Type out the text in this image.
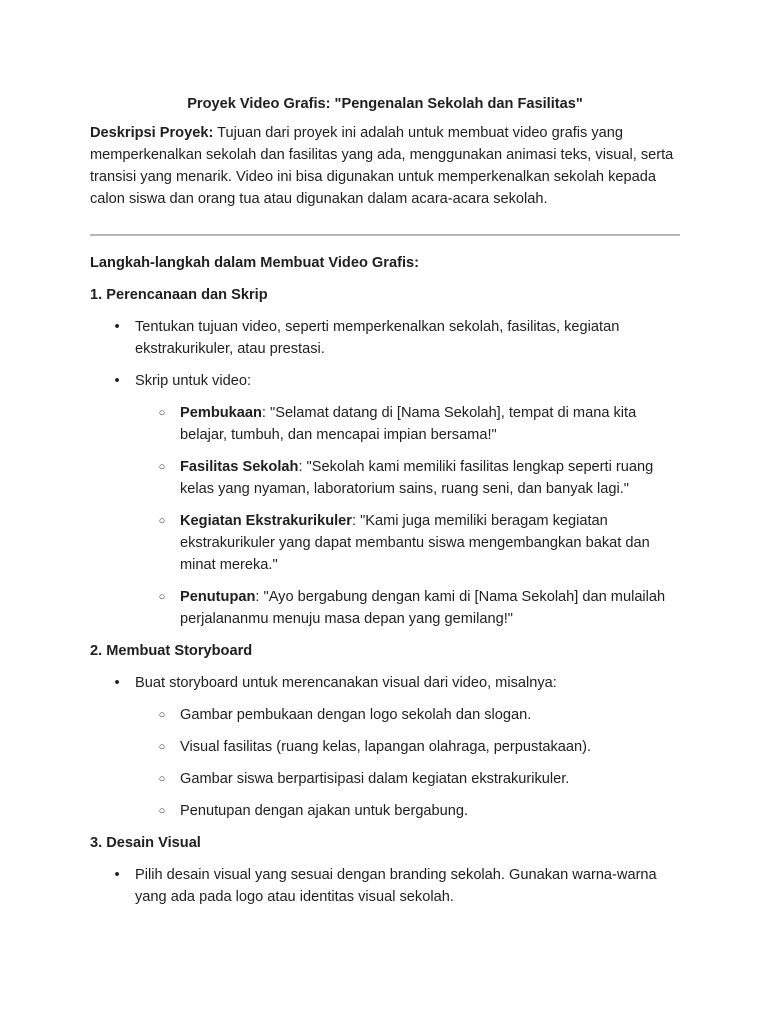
Proyek Video Grafis: "Pengenalan Sekolah dan Fasilitas"

Deskripsi Proyek: Tujuan dari proyek ini adalah untuk membuat video grafis yang memperkenalkan sekolah dan fasilitas yang ada, menggunakan animasi teks, visual, serta transisi yang menarik. Video ini bisa digunakan untuk memperkenalkan sekolah kepada calon siswa dan orang tua atau digunakan dalam acara-acara sekolah.

Langkah-langkah dalam Membuat Video Grafis:

1. Perencanaan dan Skrip

• Tentukan tujuan video, seperti memperkenalkan sekolah, fasilitas, kegiatan ekstrakurikuler, atau prestasi.
• Skrip untuk video:
○ Pembukaan: "Selamat datang di [Nama Sekolah], tempat di mana kita belajar, tumbuh, dan mencapai impian bersama!"
○ Fasilitas Sekolah: "Sekolah kami memiliki fasilitas lengkap seperti ruang kelas yang nyaman, laboratorium sains, ruang seni, dan banyak lagi."
○ Kegiatan Ekstrakurikuler: "Kami juga memiliki beragam kegiatan ekstrakurikuler yang dapat membantu siswa mengembangkan bakat dan minat mereka."
○ Penutupan: "Ayo bergabung dengan kami di [Nama Sekolah] dan mulailah perjalananmu menuju masa depan yang gemilang!"

2. Membuat Storyboard

• Buat storyboard untuk merencanakan visual dari video, misalnya:
○ Gambar pembukaan dengan logo sekolah dan slogan.
○ Visual fasilitas (ruang kelas, lapangan olahraga, perpustakaan).
○ Gambar siswa berpartisipasi dalam kegiatan ekstrakurikuler.
○ Penutupan dengan ajakan untuk bergabung.

3. Desain Visual

• Pilih desain visual yang sesuai dengan branding sekolah. Gunakan warna-warna yang ada pada logo atau identitas visual sekolah.
